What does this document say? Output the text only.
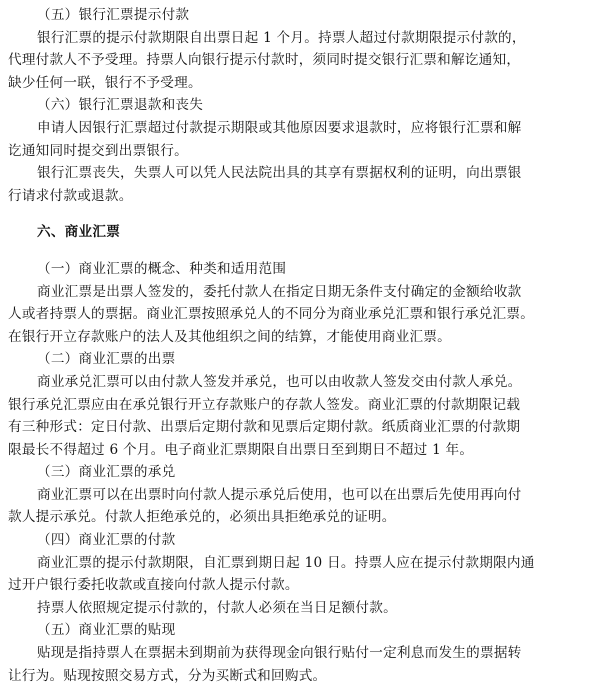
（五）银行汇票提示付款

银行汇票的提示付款期限自出票日起 1 个月。持票人超过付款期限提示付款的，

代理付款人不予受理。持票人向银行提示付款时，须同时提交银行汇票和解讫通知，

缺少任何一联，银行不予受理。

（六）银行汇票退款和丧失

申请人因银行汇票超过付款提示期限或其他原因要求退款时，应将银行汇票和解

讫通知同时提交到出票银行。

银行汇票丧失，失票人可以凭人民法院出具的其享有票据权利的证明，向出票银

行请求付款或退款。

六、商业汇票

（一）商业汇票的概念、种类和适用范围

商业汇票是出票人签发的，委托付款人在指定日期无条件支付确定的金额给收款

人或者持票人的票据。商业汇票按照承兑人的不同分为商业承兑汇票和银行承兑汇票。

在银行开立存款账户的法人及其他组织之间的结算，才能使用商业汇票。

（二）商业汇票的出票

商业承兑汇票可以由付款人签发并承兑，也可以由收款人签发交由付款人承兑。

银行承兑汇票应由在承兑银行开立存款账户的存款人签发。商业汇票的付款期限记载

有三种形式：定日付款、出票后定期付款和见票后定期付款。纸质商业汇票的付款期

限最长不得超过 6 个月。电子商业汇票期限自出票日至到期日不超过 1 年。

（三）商业汇票的承兑

商业汇票可以在出票时向付款人提示承兑后使用，也可以在出票后先使用再向付

款人提示承兑。付款人拒绝承兑的，必须出具拒绝承兑的证明。

（四）商业汇票的付款

商业汇票的提示付款期限，自汇票到期日起 10 日。持票人应在提示付款期限内通

过开户银行委托收款或直接向付款人提示付款。

持票人依照规定提示付款的，付款人必须在当日足额付款。

（五）商业汇票的贴现

贴现是指持票人在票据未到期前为获得现金向银行贴付一定利息而发生的票据转

让行为。贴现按照交易方式，分为买断式和回购式。
